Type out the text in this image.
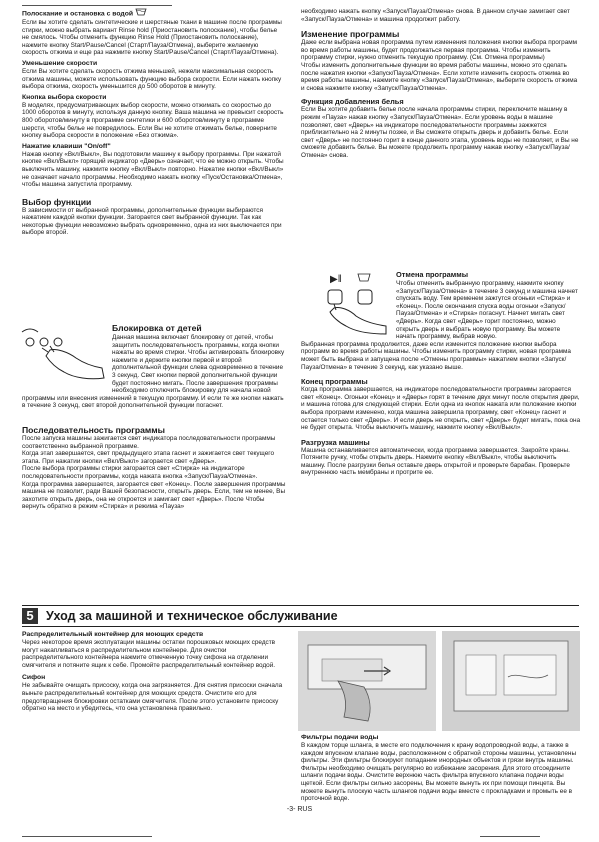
Полоскание и остановка с водой

Если вы хотите сделать синтетические и шерстяные ткани в машине после программы стирки, можно выбрать вариант Rinse hold (Приостановить полоскание), чтобы белье не смялось. Чтобы отменить функцию Rinse Hold (Приостановить полоскание), нажмите кнопку Start/Pause/Cancel (Старт/Пауза/Отмена), выберите желаемую скорость отжима и еще раз нажмите кнопку Start/Pause/Cancel (Старт/Пауза/Отмена).

Уменьшение скорости

Если Вы хотите сделать скорость отжима меньшей, нежели максимальная скорость отжима машины, можете использовать функцию выбора скорости. Если нажать кнопку выбора отжима, скорость уменьшится до 500 оборотов в минуту.

Кнопка выбора скорости

В моделях, предусматривающих выбор скорости, можно отжимать со скоростью до 1000 оборотов в минуту, используя данную кнопку. Ваша машина не превысит скорость 800 оборотов/минуту в программе синтетики и 600 оборотов/минуту в программе шерсти, чтобы белье не повредилось. Если Вы не хотите отжимать белье, поверните кнопку выбора скорости в положение «Без отжима».

Нажатие клавиши "On/off"

Нажав кнопку «Вкл/Выкл», Вы подготовили машину к выбору программы. При нажатой кнопке «Вкл/Выкл» горящий индикатор «Дверь» означает, что ее можно открыть. Чтобы выключить машину, нажмите кнопку «Вкл/Выкл» повторно. Нажатие кнопки «Вкл/Выкл» не означает начало программы. Необходимо нажать кнопку «Пуск/Остановка/Отмена», чтобы машина запустила программу.

Выбор функции

В зависимости от выбранной программы, дополнительные функции выбираются нажатием каждой кнопки функции. Загорается свет выбранной функции. Так как некоторые функции невозможно выбрать одновременно, одна из них выключается при выборе второй.

Блокировка от детей

Данная машина включает блокировку от детей, чтобы защитить последовательность программы, когда кнопки нажаты во время стирки. Чтобы активировать блокировку нажмите и держите кнопки первой и второй дополнительной функции слева одновременно в течение 3 секунд. Свет кнопки первой дополнительной функции будет постоянно мигать. После завершения программы необходимо отключить блокировку для начала новой программы или внесения изменений в текущую программу. И если те же кнопки нажать в течение 3 секунд, свет второй дополнительной функции погаснет.

Последовательность программы

После запуска машины зажигается свет индикатора последовательности программы соответственно выбранной программе.

Когда этап завершается, свет предыдущего этапа гаснет и зажигается свет текущего этапа. При нажатии кнопки «Вкл/Выкл» загорается свет «Дверь».

После выбора программы стирки загорается свет «Стирка» на индикаторе последовательности программы, когда нажата кнопка «Запуск/Пауза/Отмена».

Когда программа завершается, загорается свет «Конец». После завершения программы машина не позволит, ради Вашей безопасности, открыть дверь. Если, тем не менее, Вы захотите открыть дверь, она не откроется и замигает свет «Дверь». После Чтобы вернуть обратно в режим «Стирка» и режима «Пауза»

необходимо нажать кнопку «Запуск/Пауза/Отмена» снова. В данном случае замигает свет «Запуск/Пауза/Отмена» и машина продолжит работу.

Изменение программы

Даже если выбрана новая программа путем изменения положения кнопки выбора программ во время работы машины, будет продолжаться первая программа. Чтобы изменить программу стирки, нужно отменить текущую программу. (См. Отмена программы)

Чтобы изменить дополнительные функции во время работы машины, можно это сделать после нажатия кнопки «Запуск/Пауза/Отмена». Если хотите изменить скорость отжима во время работы машины, нажмите кнопку «Запуск/Пауза/Отмена», выберите скорость отжима и снова нажмите кнопку «Запуск/Пауза/Отмена».

Функция добавления белья

Если Вы хотите добавить белье после начала программы стирки, переключите машину в режим «Пауза» нажав кнопку «Запуск/Пауза/Отмена». Если уровень воды в машине позволяет, свет «Дверь» на индикаторе последовательности программы зажжется приблизительно на 2 минуты позже, и Вы сможете открыть дверь и добавить белье. Если свет «Дверь» не постоянно горит в конце данного этапа, уровень воды не позволяет, и Вы не сможете добавить белье. Вы можете продолжить программу нажав кнопку «Запуск/Пауза/Отмена» снова.

▶‖	Отмена программы

Чтобы отменить выбранную программу, нажмите кнопку «Запуск/Пауза/Отмена» в течение 3 секунд и машина начнет спускать воду. Тем временем зажгутся огоньки «Стирка» и «Конец». После окончания спуска воды огоньки «Запуск/Пауза/Отмена» и «Стирка» погаснут. Начнет мигать свет «Дверь». Когда свет «Дверь» горит постоянно, можно открыть дверь и выбрать новую программу. Вы можете начать программу, выбрав новую.

Выбранная программа продолжится, даже если изменится положение кнопки выбора программ во время работы машины. Чтобы изменить программу стирки, новая программа может быть выбрана и запущена после «Отмены программы» нажатием кнопки «Запуск/Пауза/Отмена» в течение 3 секунд, как указано выше.

Конец программы

Когда программа завершается, на индикаторе последовательности программы загорается свет «Конец». Огоньки «Конец» и «Дверь» горят в течение двух минут после открытия двери, и машина готова для следующей стирки. Если одна из кнопок нажата или положение кнопки выбора программ изменено, когда машина завершила программу, свет «Конец» гаснет и остается только свет «Дверь». И если дверь не открыть, свет «Дверь» будет мигать, пока она не будет открыта. Чтобы выключить машину, нажмите кнопку «Вкл/Выкл».

Разгрузка машины

Машина останавливается автоматически, когда программа завершается. Закройте краны. Потяните ручку, чтобы открыть дверь. Нажмите кнопку «Вкл/Выкл», чтобы выключить машину. После разгрузки белья оставьте дверь открытой и проверьте барабан. Проверьте внутреннюю часть мембраны и протрите ее.

5 Уход за машиной и техническое обслуживание
Распределительный контейнер для моющих средств

Через некоторое время эксплуатации машины остатки порошковых моющих средств могут накапливаться в распределительном контейнере. Для очистки распределительного контейнера нажмите отмеченную точку сифона на отделении смягчителя и потяните ящик к себе. Промойте распределительный контейнер водой.

Сифон

Не забывайте очищать присоску, когда она загрязняется. Для снятия присоски сначала выньте распределительный контейнер для моющих средств. Очистите его для предотвращения блокировки остатками смягчителя. После этого установите присоску обратно на место и убедитесь, что она установлена правильно.

Фильтры подачи воды

В каждом торце шланга, в месте его подключения к крану водопроводной воды, а также в каждом впускном клапане воды, расположенном с обратной стороны машины, установлены фильтры. Эти фильтры блокируют попадание инородных объектов и грязи внутрь машины. Фильтры необходимо очищать регулярно во избежание засорения. Для этого отсоедините шланги подачи воды. Очистите верхнюю часть фильтра впускного клапана подачи воды щеткой. Если фильтры сильно засорены, Вы можете вынуть их при помощи пинцета. Вы можете вынуть плоскую часть шлангов подачи воды вместе с прокладками и промыть ее в проточной воде.

-3- RUS
